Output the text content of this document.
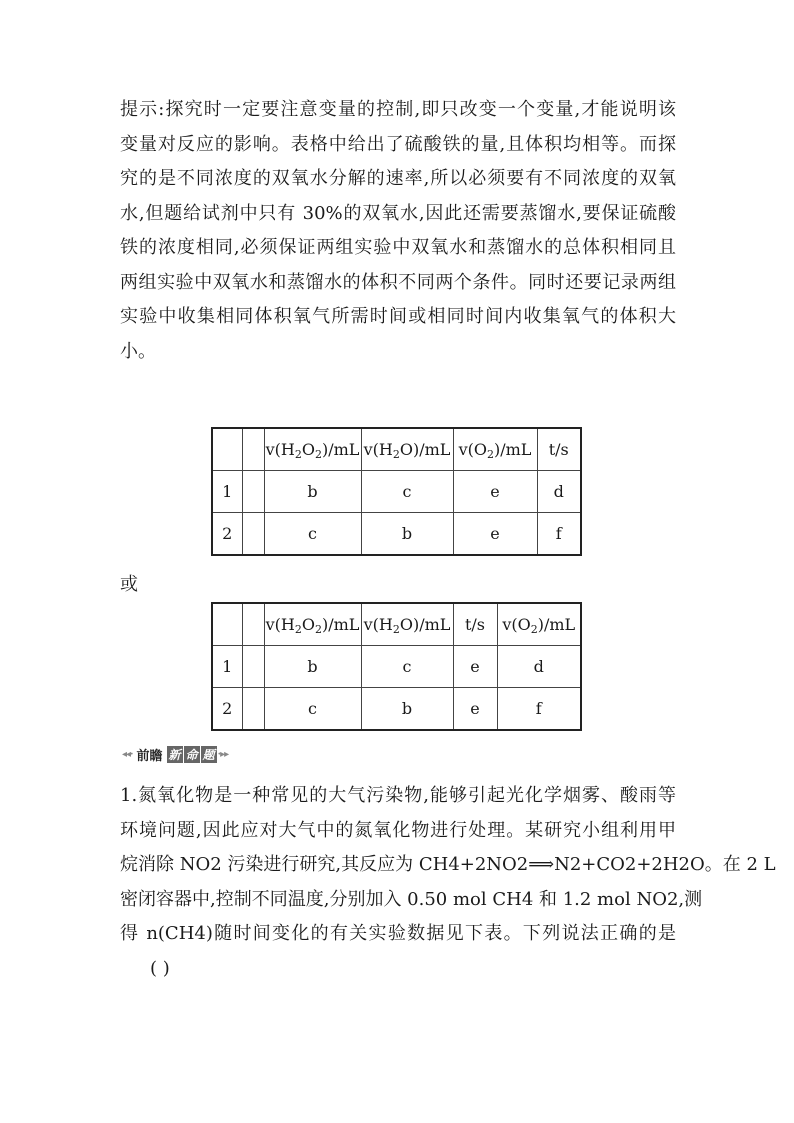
提示:探究时一定要注意变量的控制,即只改变一个变量,才能说明该
变量对反应的影响。表格中给出了硫酸铁的量,且体积均相等。而探
究的是不同浓度的双氧水分解的速率,所以必须要有不同浓度的双氧
水,但题给试剂中只有 30%的双氧水,因此还需要蒸馏水,要保证硫酸
铁的浓度相同,必须保证两组实验中双氧水和蒸馏水的总体积相同且
两组实验中双氧水和蒸馏水的体积不同两个条件。同时还要记录两组
实验中收集相同体积氧气所需时间或相同时间内收集氧气的体积大
小。
		$v(H_2O_2)/mL$	$v(H_2O)/mL$	$v(O_2)/mL$	t/s
1		b	c	e	d
2		c	b	e	f
或
		$v(H_2O_2)/mL$	$v(H_2O)/mL$	t/s	$v(O_2)/mL$
1		b	c	e	d
2		c	b	e	f
◂◂· 前瞻 新 命 题 ·▸▸
1.氮氧化物是一种常见的大气污染物,能够引起光化学烟雾、酸雨等
环境问题,因此应对大气中的氮氧化物进行处理。某研究小组利用甲
烷消除 NO2 污染进行研究,其反应为 CH4+2NO2⟹N2+CO2+2H2O。在 2 L
密闭容器中,控制不同温度,分别加入 0.50 mol CH4 和 1.2 mol NO2,测
得 n(CH4)随时间变化的有关实验数据见下表。下列说法正确的是
( )
